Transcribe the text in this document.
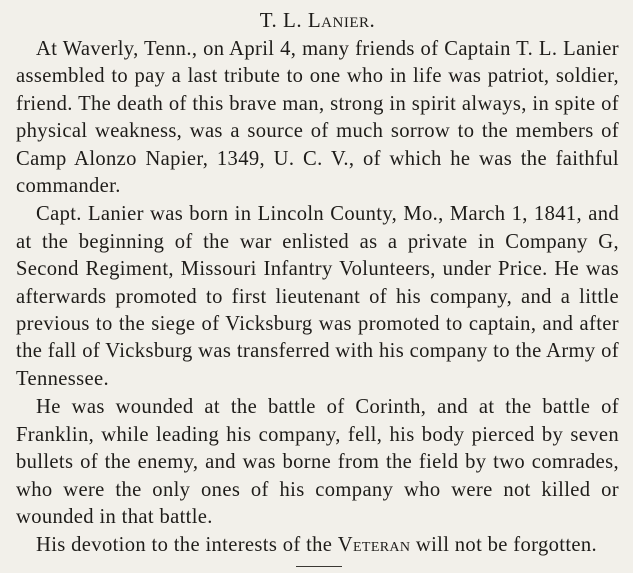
T. L. Lanier.

At Waverly, Tenn., on April 4, many friends of Captain T. L. Lanier assembled to pay a last tribute to one who in life was patriot, soldier, friend. The death of this brave man, strong in spirit always, in spite of physical weakness, was a source of much sorrow to the members of Camp Alonzo Napier, 1349, U. C. V., of which he was the faithful commander.

Capt. Lanier was born in Lincoln County, Mo., March 1, 1841, and at the beginning of the war enlisted as a private in Company G, Second Regiment, Missouri Infantry Volunteers, under Price. He was afterwards promoted to first lieutenant of his company, and a little previous to the siege of Vicksburg was promoted to captain, and after the fall of Vicksburg was transferred with his company to the Army of Tennessee.

He was wounded at the battle of Corinth, and at the battle of Franklin, while leading his company, fell, his body pierced by seven bullets of the enemy, and was borne from the field by two comrades, who were the only ones of his company who were not killed or wounded in that battle.

His devotion to the interests of the Veteran will not be forgotten.
